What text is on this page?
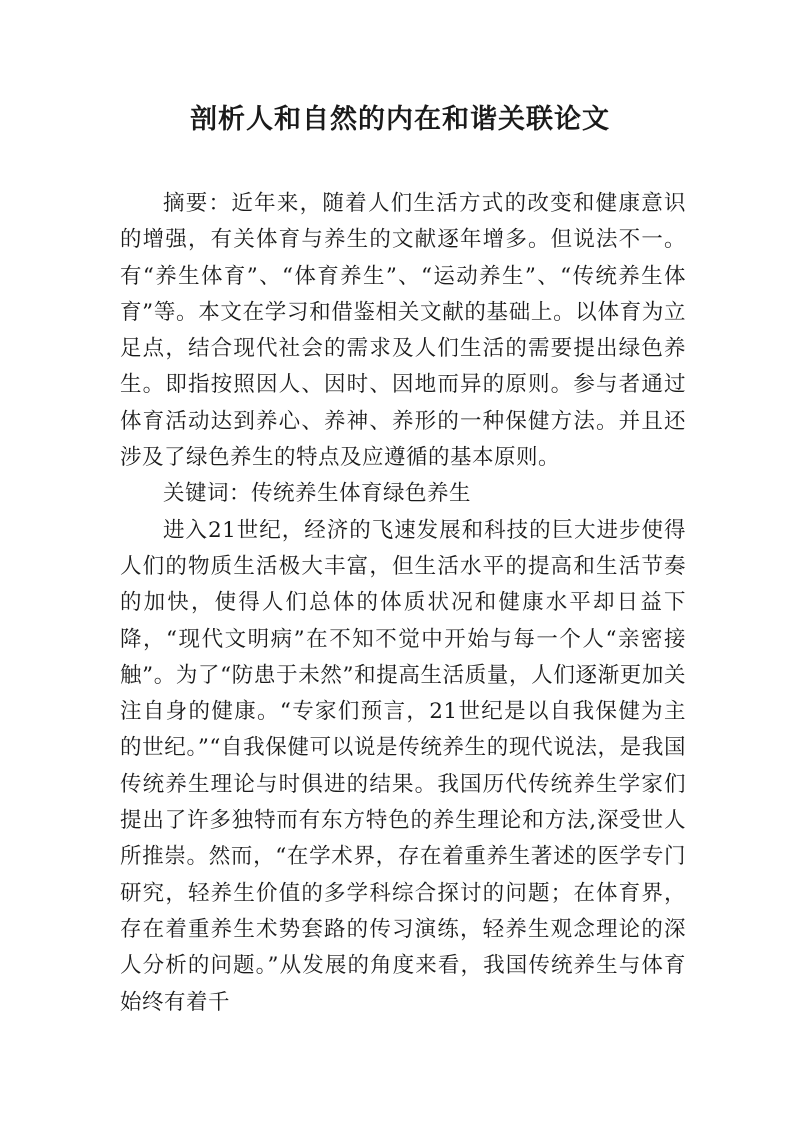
剖析人和自然的内在和谐关联论文

摘要：近年来，随着人们生活方式的改变和健康意识的增强，有关体育与养生的文献逐年增多。但说法不一。有“养生体育”、“体育养生”、“运动养生”、“传统养生体育”等。本文在学习和借鉴相关文献的基础上。以体育为立足点，结合现代社会的需求及人们生活的需要提出绿色养生。即指按照因人、因时、因地而异的原则。参与者通过体育活动达到养心、养神、养形的一种保健方法。并且还涉及了绿色养生的特点及应遵循的基本原则。

关键词：传统养生体育绿色养生

进入21世纪，经济的飞速发展和科技的巨大进步使得人们的物质生活极大丰富，但生活水平的提高和生活节奏的加快，使得人们总体的体质状况和健康水平却日益下降，“现代文明病”在不知不觉中开始与每一个人“亲密接触”。为了“防患于未然”和提高生活质量，人们逐渐更加关注自身的健康。“专家们预言，21世纪是以自我保健为主的世纪。”“自我保健可以说是传统养生的现代说法，是我国传统养生理论与时俱进的结果。我国历代传统养生学家们提出了许多独特而有东方特色的养生理论和方法,深受世人所推崇。然而，“在学术界，存在着重养生著述的医学专门研究，轻养生价值的多学科综合探讨的问题；在体育界，存在着重养生术势套路的传习演练，轻养生观念理论的深人分析的问题。”从发展的角度来看，我国传统养生与体育始终有着千
